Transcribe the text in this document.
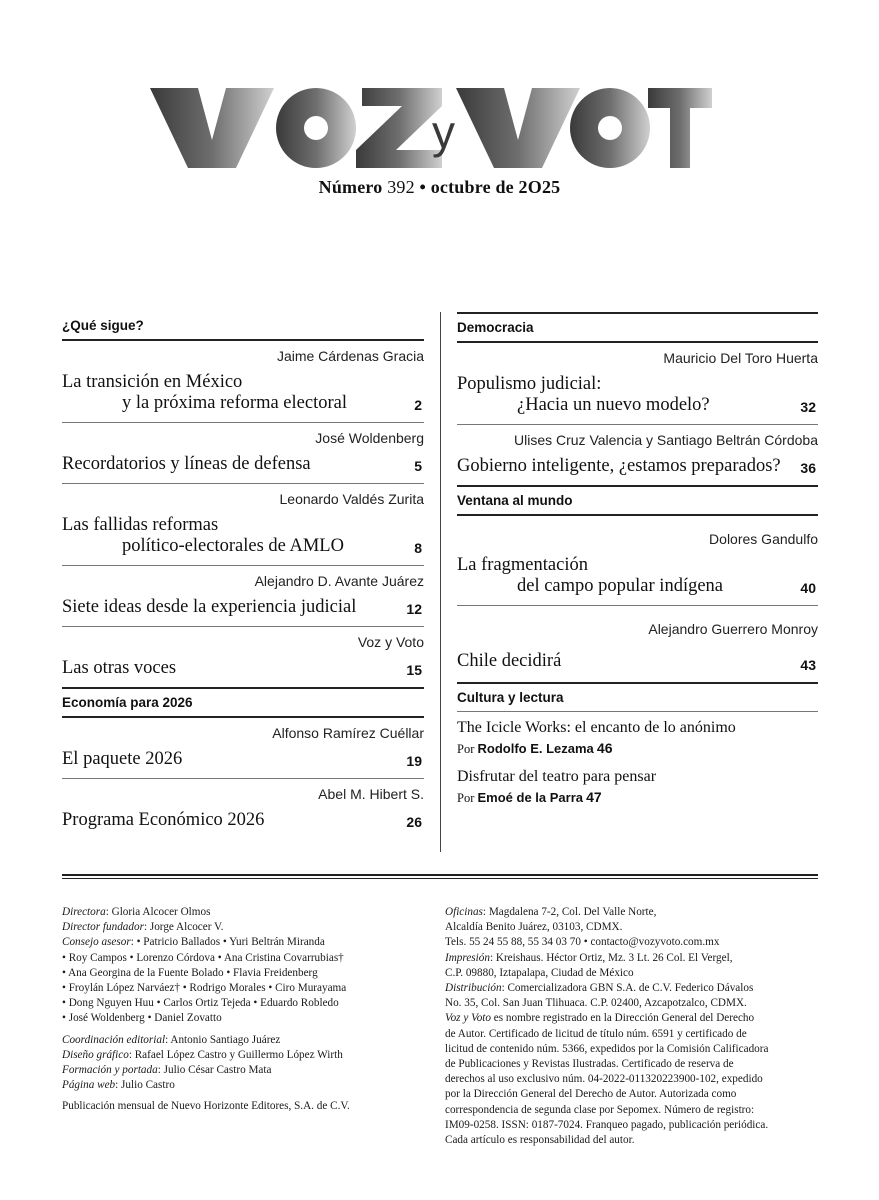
y
Número 392 • octubre de 2O25
¿Qué sigue?
Jaime Cárdenas Gracia
La transición en México
y la próxima reforma electoral	2
José Woldenberg
Recordatorios y líneas de defensa	5
Leonardo Valdés Zurita
Las fallidas reformas
político-electorales de AMLO	8
Alejandro D. Avante Juárez
Siete ideas desde la experiencia judicial	12
Voz y Voto
Las otras voces	15
Economía para 2026
Alfonso Ramírez Cuéllar
El paquete 2026	19
Abel M. Hibert S.
Programa Económico 2026	26
Democracia
Mauricio Del Toro Huerta
Populismo judicial:
¿Hacia un nuevo modelo?	32
Ulises Cruz Valencia y Santiago Beltrán Córdoba
Gobierno inteligente, ¿estamos preparados?	36
Ventana al mundo
Dolores Gandulfo
La fragmentación
del campo popular indígena	40
Alejandro Guerrero Monroy
Chile decidirá	43
Cultura y lectura
The Icicle Works: el encanto de lo anónimo
Por Rodolfo E. Lezama 46
Disfrutar del teatro para pensar
Por Emoé de la Parra 47
Directora: Gloria Alcocer Olmos
Director fundador: Jorge Alcocer V.
Consejo asesor: • Patricio Ballados • Yuri Beltrán Miranda
• Roy Campos • Lorenzo Córdova • Ana Cristina Covarrubias†
• Ana Georgina de la Fuente Bolado • Flavia Freidenberg
• Froylán López Narváez† • Rodrigo Morales • Ciro Murayama
• Dong Nguyen Huu • Carlos Ortiz Tejeda • Eduardo Robledo
• José Woldenberg • Daniel Zovatto
Coordinación editorial: Antonio Santiago Juárez
Diseño gráfico: Rafael López Castro y Guillermo López Wirth
Formación y portada: Julio César Castro Mata
Página web: Julio Castro
Publicación mensual de Nuevo Horizonte Editores, S.A. de C.V.
Oficinas: Magdalena 7-2, Col. Del Valle Norte,
Alcaldía Benito Juárez, 03103, CDMX.
Tels. 55 24 55 88, 55 34 03 70 • contacto@vozyvoto.com.mx
Impresión: Kreishaus. Héctor Ortiz, Mz. 3 Lt. 26 Col. El Vergel,
C.P. 09880, Iztapalapa, Ciudad de México
Distribución: Comercializadora GBN S.A. de C.V. Federico Dávalos
No. 35, Col. San Juan Tlihuaca. C.P. 02400, Azcapotzalco, CDMX.
Voz y Voto es nombre registrado en la Dirección General del Derecho
de Autor. Certificado de licitud de título núm. 6591 y certificado de
licitud de contenido núm. 5366, expedidos por la Comisión Calificadora
de Publicaciones y Revistas Ilustradas. Certificado de reserva de
derechos al uso exclusivo núm. 04-2022-011320223900-102, expedido
por la Dirección General del Derecho de Autor. Autorizada como
correspondencia de segunda clase por Sepomex. Número de registro:
IM09-0258. ISSN: 0187-7024. Franqueo pagado, publicación periódica.
Cada artículo es responsabilidad del autor.
